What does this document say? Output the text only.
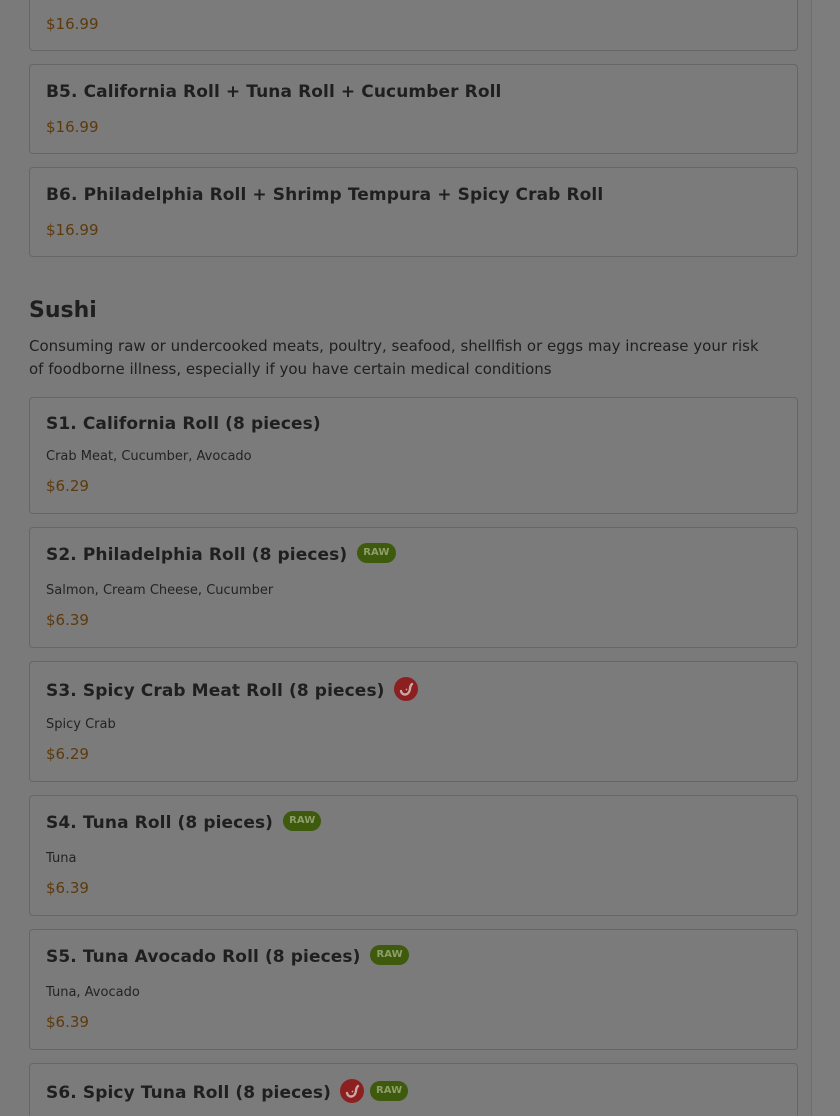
$16.99
B5. California Roll + Tuna Roll + Cucumber Roll
$16.99
B6. Philadelphia Roll + Shrimp Tempura + Spicy Crab Roll
$16.99
Sushi
Consuming raw or undercooked meats, poultry, seafood, shellfish or eggs may increase your risk of foodborne illness, especially if you have certain medical conditions
S1. California Roll (8 pieces)
Crab Meat, Cucumber, Avocado
$6.29
S2. Philadelphia Roll (8 pieces) RAW
Salmon, Cream Cheese, Cucumber
$6.39
S3. Spicy Crab Meat Roll (8 pieces)
Spicy Crab
$6.29
S4. Tuna Roll (8 pieces) RAW
Tuna
$6.39
S5. Tuna Avocado Roll (8 pieces) RAW
Tuna, Avocado
$6.39
S6. Spicy Tuna Roll (8 pieces)	RAW
